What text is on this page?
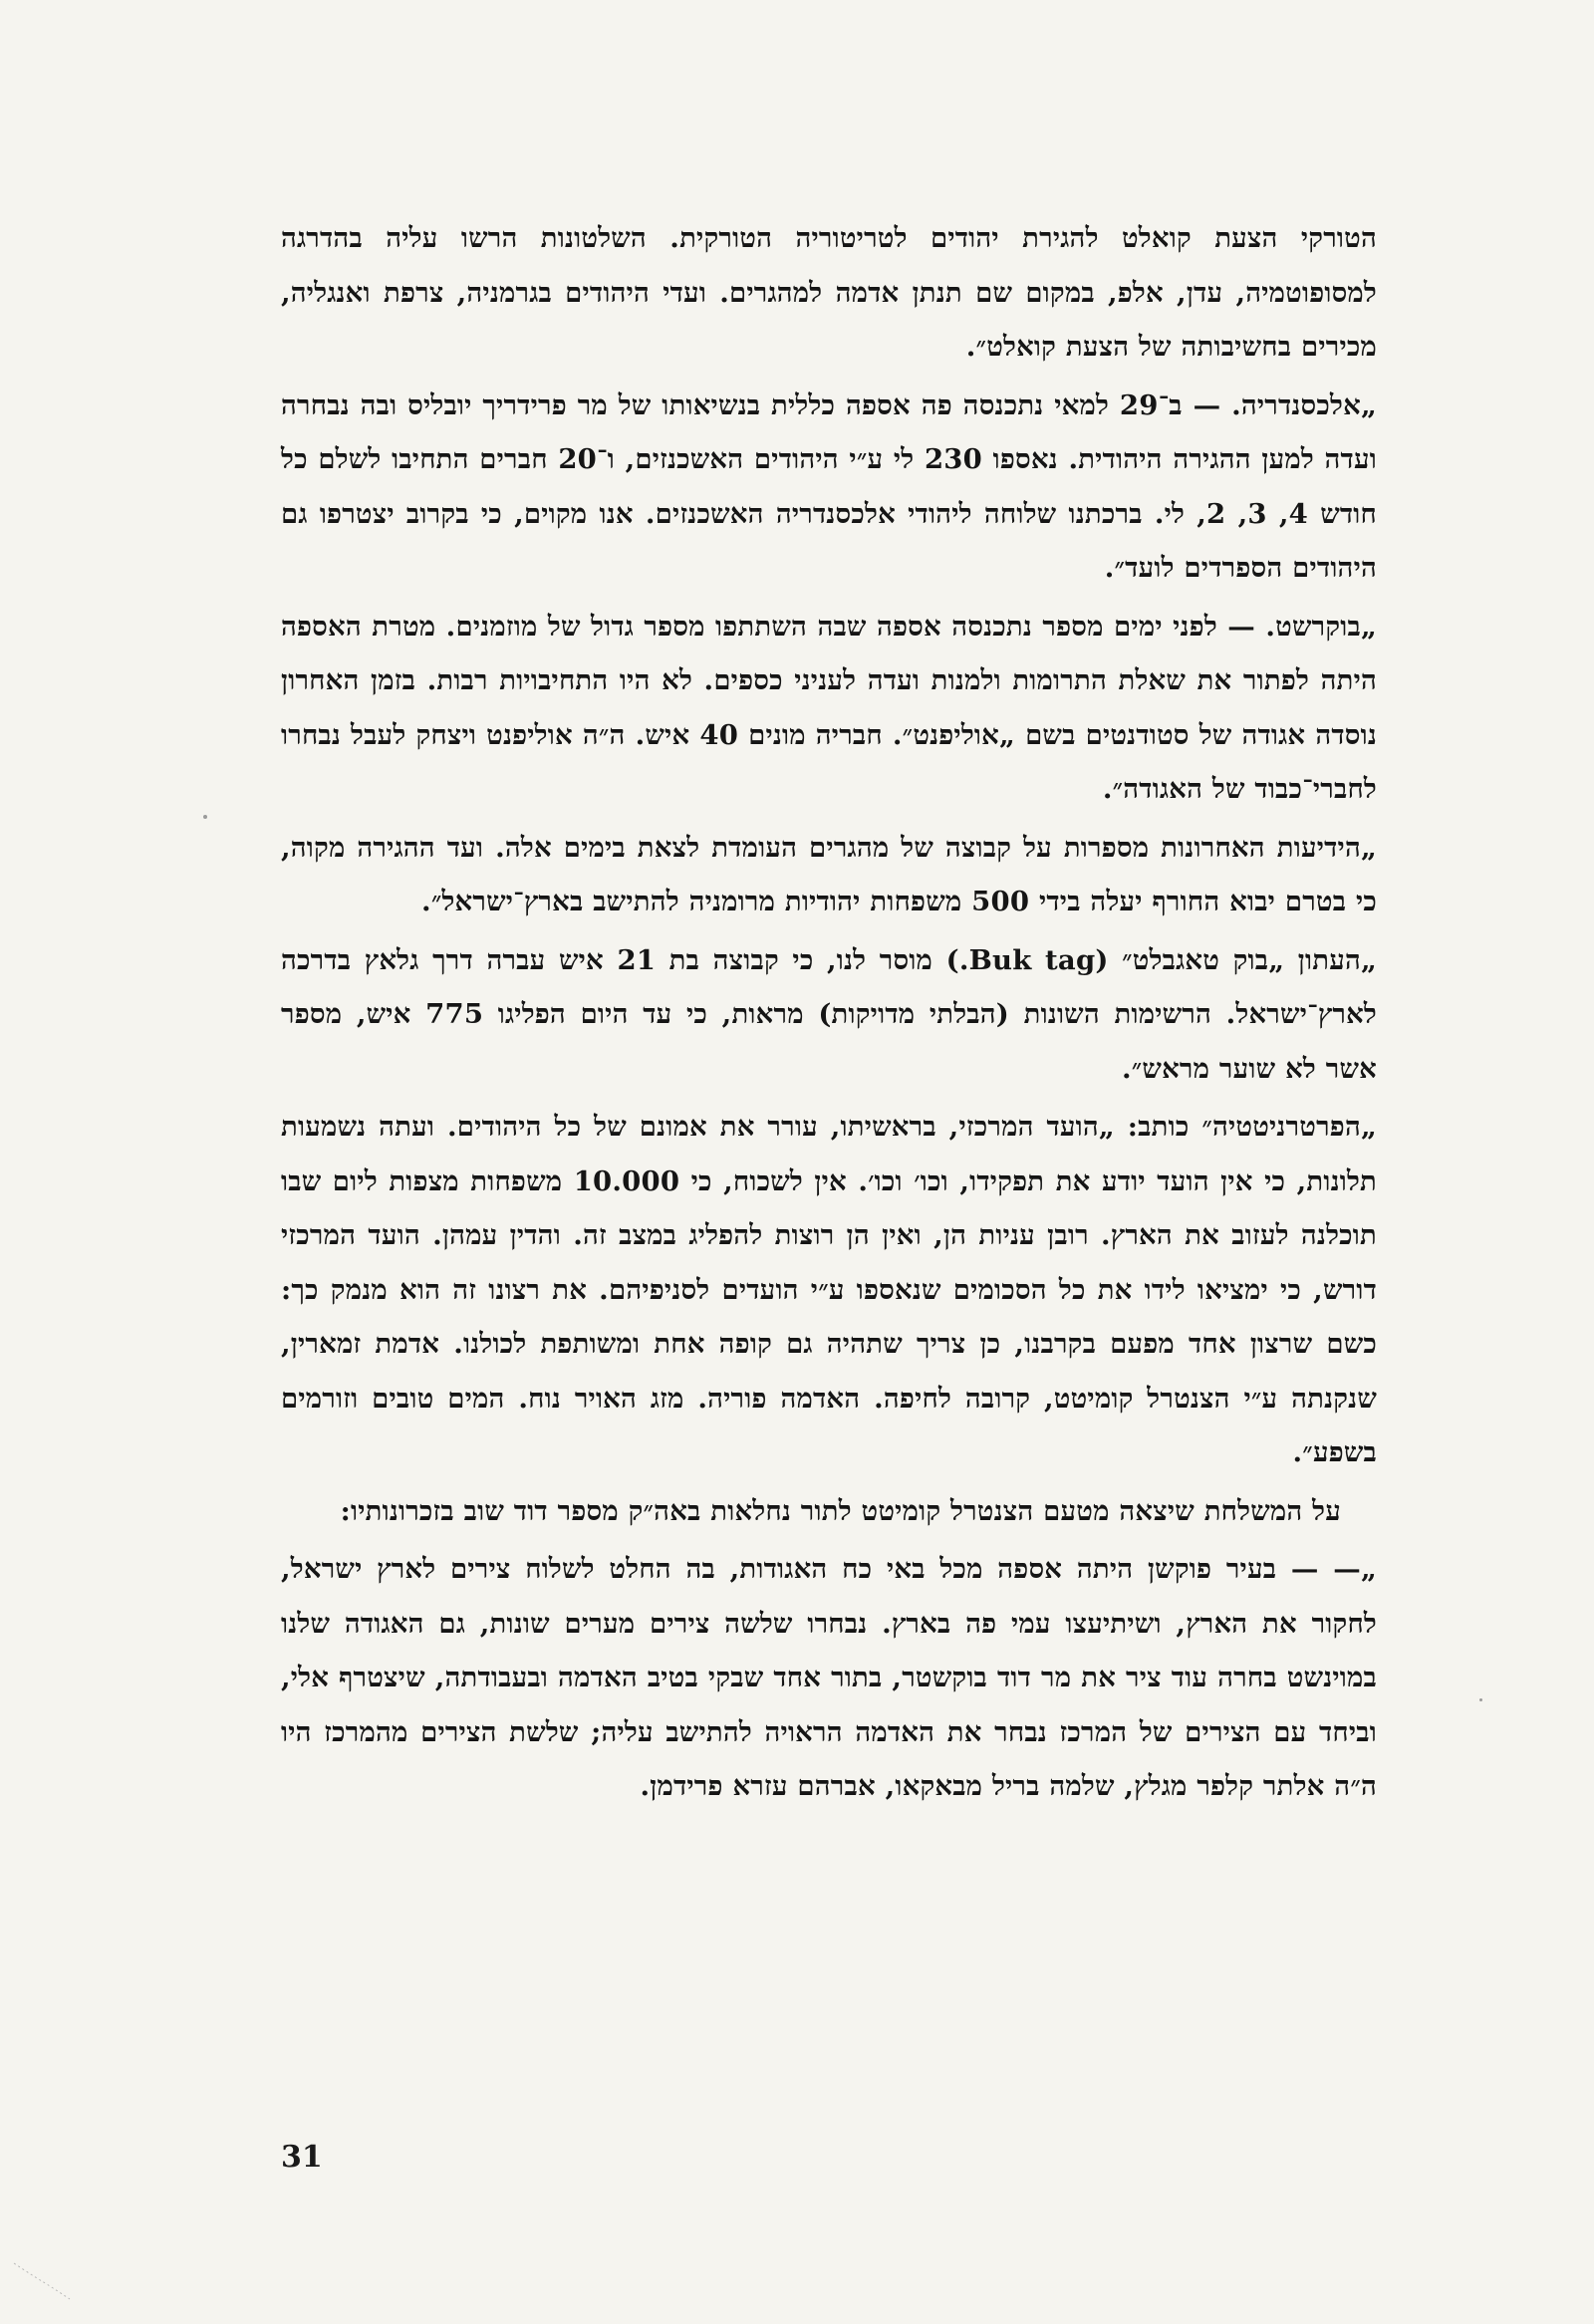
הטורקי הצעת קואלט להגירת יהודים לטריטוריה הטורקית. השלטונות הרשו עליה בהדרגה למסופוטמיה, עדן, אלפ, במקום שם תנתן אדמה למהגרים. ועדי היהודים בגרמניה, צרפת ואנגליה, מכירים בחשיבותה של הצעת קואלט״.

„אלכסנדריה. — ב־29 למאי נתכנסה פה אספה כללית בנשיאותו של מר פרידריך יובליס ובה נבחרה ועדה למען ההגירה היהודית. נאספו 230 לי ע״י היהודים האשכנזים, ו־20 חברים התחיבו לשלם כל חודש 4, 3, 2, לי. ברכתנו שלוחה ליהודי אלכסנדריה האשכנזים. אנו מקוים, כי בקרוב יצטרפו גם היהודים הספרדים לועד״.

„בוקרשט. — לפני ימים מספר נתכנסה אספה שבה השתתפו מספר גדול של מוזמנים. מטרת האספה היתה לפתור את שאלת התרומות ולמנות ועדה לעניני כספים. לא היו התחיבויות רבות. בזמן האחרון נוסדה אגודה של סטודנטים בשם „אוליפנט״. חבריה מונים 40 איש. ה״ה אוליפנט ויצחק לעבל נבחרו לחברי־כבוד של האגודה״.

„הידיעות האחרונות מספרות על קבוצה של מהגרים העומדת לצאת בימים אלה. ועד ההגירה מקוה, כי בטרם יבוא החורף יעלה בידי 500 משפחות יהודיות מרומניה להתישב בארץ־ישראל״.

„העתון „בוק טאגבלט״ (Buk tag.) מוסר לנו, כי קבוצה בת 21 איש עברה דרך גלאץ בדרכה לארץ־ישראל. הרשימות השונות (הבלתי מדויקות) מראות, כי עד היום הפליגו 775 איש, מספר אשר לא שוער מראש״.

„הפרטרניטטיה״ כותב: „הועד המרכזי, בראשיתו, עורר את אמונם של כל היהודים. ועתה נשמעות תלונות, כי אין הועד יודע את תפקידו, וכו׳ וכו׳. אין לשכוח, כי 10.000 משפחות מצפות ליום שבו תוכלנה לעזוב את הארץ. רובן עניות הן, ואין הן רוצות להפליג במצב זה. והדין עמהן. הועד המרכזי דורש, כי ימציאו לידו את כל הסכומים שנאספו ע״י הועדים לסניפיהם. את רצונו זה הוא מנמק כך: כשם שרצון אחד מפעם בקרבנו, כן צריך שתהיה גם קופה אחת ומשותפת לכולנו. אדמת זמארין, שנקנתה ע״י הצנטרל קומיטט, קרובה לחיפה. האדמה פוריה. מזג האויר נוח. המים טובים וזורמים בשפע״.

על המשלחת שיצאה מטעם הצנטרל קומיטט לתור נחלאות באה״ק מספר דוד שוב בזכרונותיו:

„— — בעיר פוקשן היתה אספה מכל באי כח האגודות, בה החלט לשלוח צירים לארץ ישראל, לחקור את הארץ, ושיתיעצו עמי פה בארץ. נבחרו שלשה צירים מערים שונות, גם האגודה שלנו במוינשט בחרה עוד ציר את מר דוד בוקשטר, בתור אחד שבקי בטיב האדמה ובעבודתה, שיצטרף אלי, וביחד עם הצירים של המרכז נבחר את האדמה הראויה להתישב עליה; שלשת הצירים מהמרכז היו ה״ה אלתר קלפר מגלץ, שלמה בריל מבאקאו, אברהם עזרא פרידמן.

31
